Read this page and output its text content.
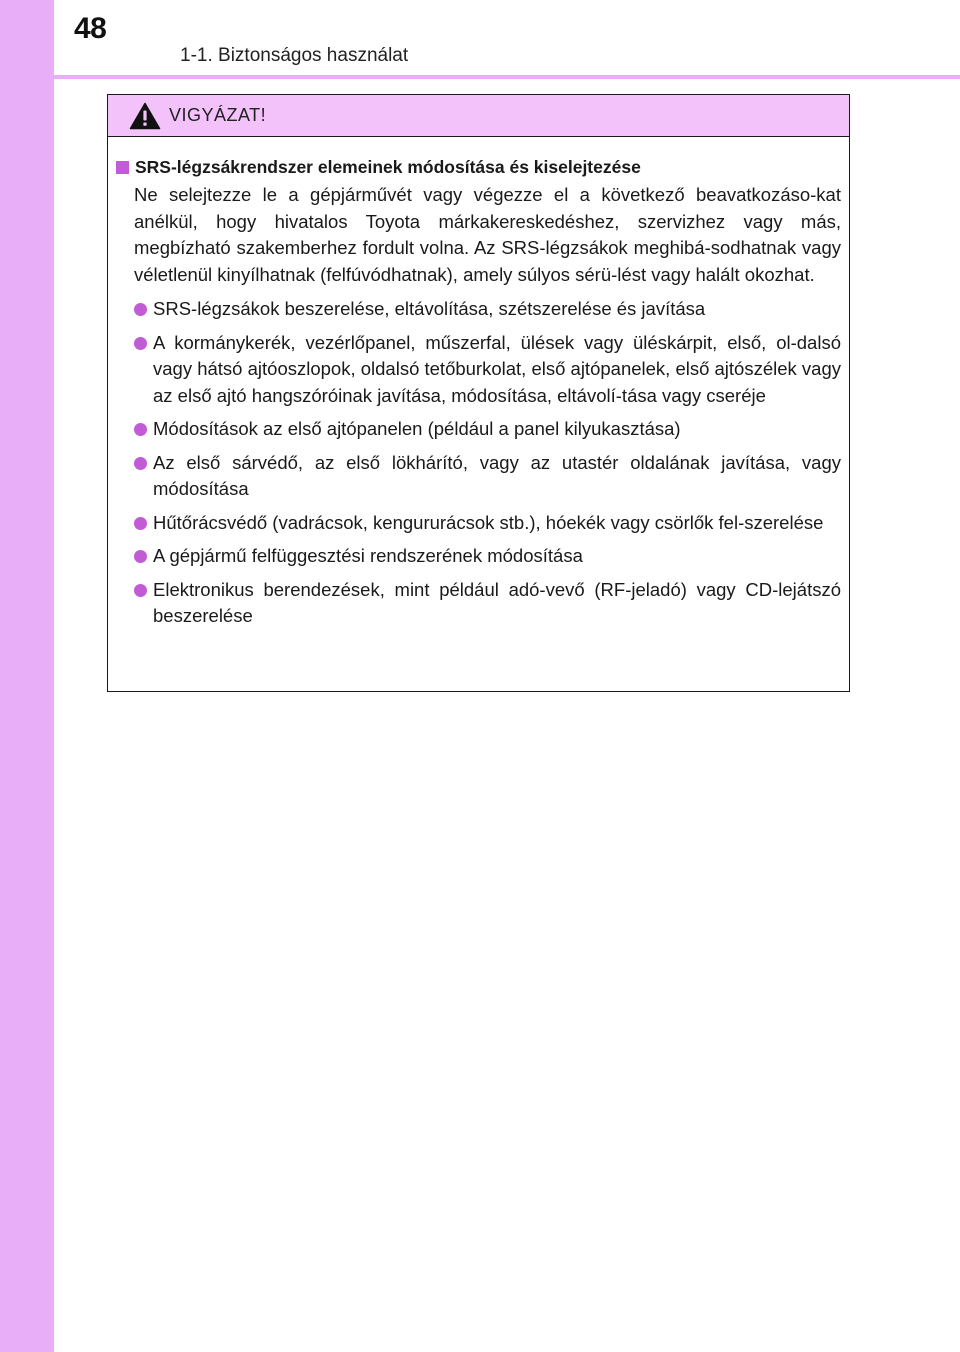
48
1-1. Biztonságos használat
VIGYÁZAT!
SRS-légzsákrendszer elemeinek módosítása és kiselejtezése
Ne selejtezze le a gépjárművét vagy végezze el a következő beavatkozáso-kat anélkül, hogy hivatalos Toyota márkakereskedéshez, szervizhez vagy más, megbízható szakemberhez fordult volna. Az SRS-légzsákok meghibá-sodhatnak vagy véletlenül kinyílhatnak (felfúvódhatnak), amely súlyos sérü-lést vagy halált okozhat.
SRS-légzsákok beszerelése, eltávolítása, szétszerelése és javítása
A kormánykerék, vezérlőpanel, műszerfal, ülések vagy üléskárpit, első, ol-dalsó vagy hátsó ajtóoszlopok, oldalsó tetőburkolat, első ajtópanelek, első ajtószélek vagy az első ajtó hangszóróinak javítása, módosítása, eltávolí-tása vagy cseréje
Módosítások az első ajtópanelen (például a panel kilyukasztása)
Az első sárvédő, az első lökhárító, vagy az utastér oldalának javítása, vagy módosítása
Hűtőrácsvédő (vadrácsok, kengururácsok stb.), hóekék vagy csörlők fel-szerelése
A gépjármű felfüggesztési rendszerének módosítása
Elektronikus berendezések, mint például adó-vevő (RF-jeladó) vagy CD-lejátszó beszerelése
